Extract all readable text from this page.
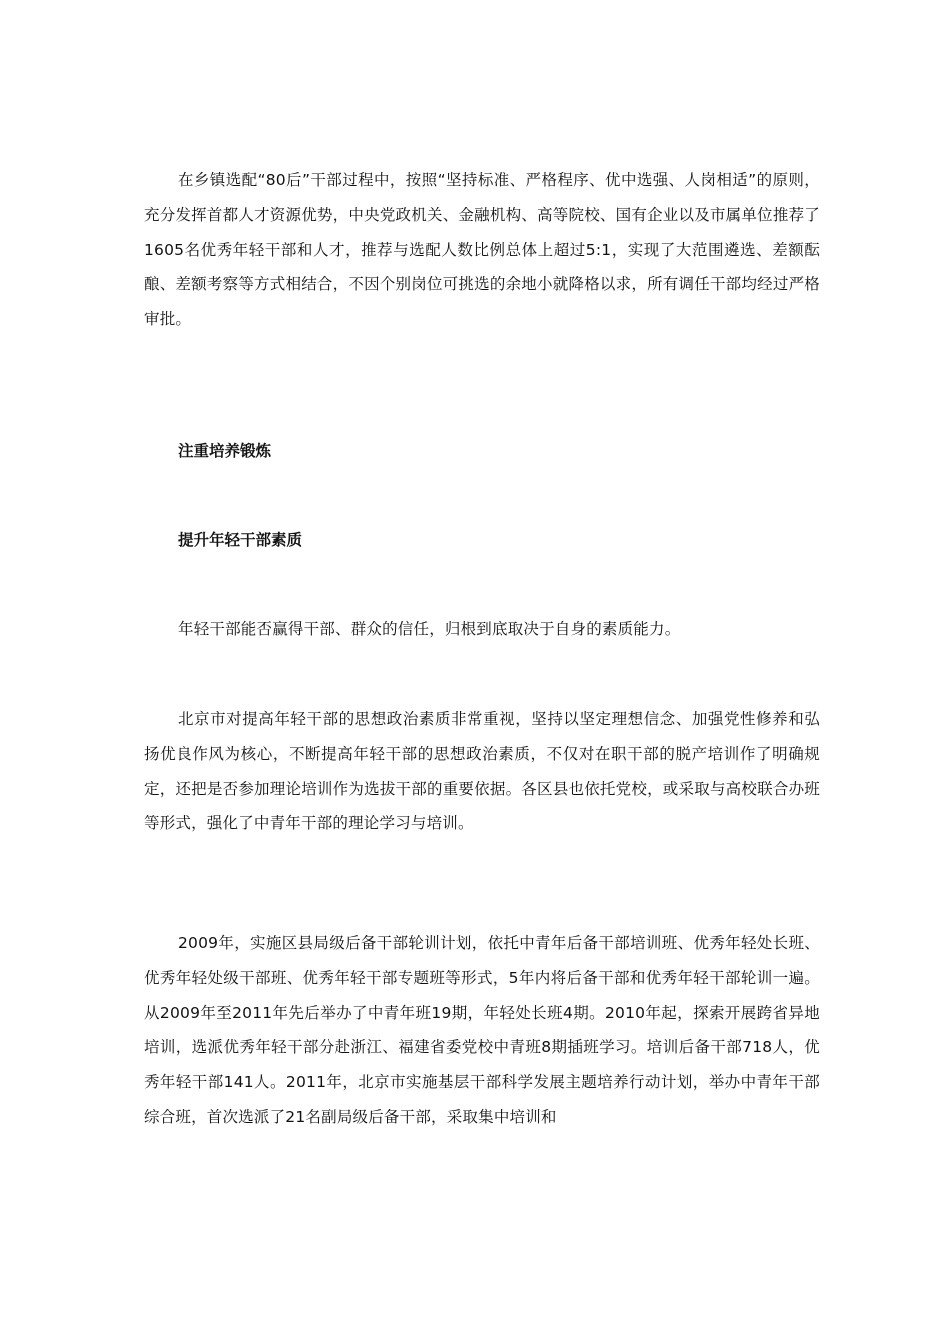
在乡镇选配“80后”干部过程中，按照“坚持标准、严格程序、优中选强、人岗相适”的原则，充分发挥首都人才资源优势，中央党政机关、金融机构、高等院校、国有企业以及市属单位推荐了1605名优秀年轻干部和人才，推荐与选配人数比例总体上超过5:1，实现了大范围遴选、差额酝酿、差额考察等方式相结合，不因个别岗位可挑选的余地小就降格以求，所有调任干部均经过严格审批。

注重培养锻炼

提升年轻干部素质

年轻干部能否赢得干部、群众的信任，归根到底取决于自身的素质能力。

北京市对提高年轻干部的思想政治素质非常重视，坚持以坚定理想信念、加强党性修养和弘扬优良作风为核心，不断提高年轻干部的思想政治素质，不仅对在职干部的脱产培训作了明确规定，还把是否参加理论培训作为选拔干部的重要依据。各区县也依托党校，或采取与高校联合办班等形式，强化了中青年干部的理论学习与培训。

2009年，实施区县局级后备干部轮训计划，依托中青年后备干部培训班、优秀年轻处长班、优秀年轻处级干部班、优秀年轻干部专题班等形式，5年内将后备干部和优秀年轻干部轮训一遍。从2009年至2011年先后举办了中青年班19期，年轻处长班4期。2010年起，探索开展跨省异地培训，选派优秀年轻干部分赴浙江、福建省委党校中青班8期插班学习。培训后备干部718人，优秀年轻干部141人。2011年，北京市实施基层干部科学发展主题培养行动计划，举办中青年干部综合班，首次选派了21名副局级后备干部，采取集中培训和
